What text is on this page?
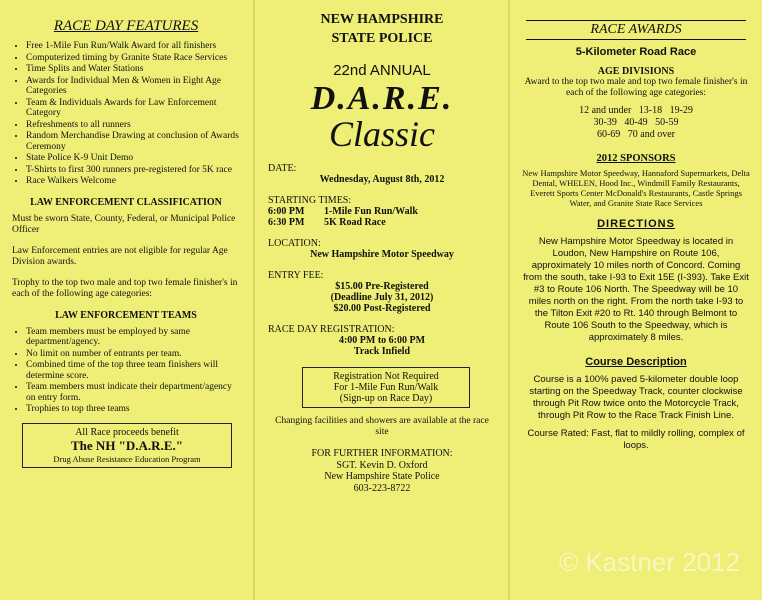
RACE DAY FEATURES
• Free 1-Mile Fun Run/Walk Award for all finishers
• Computerized timing by Granite State Race Services
• Time Splits and Water Stations
• Awards for Individual Men & Women in Eight Age Categories
• Team & Individuals Awards for Law Enforcement Category
• Refreshments to all runners
• Random Merchandise Drawing at conclusion of Awards Ceremony
• State Police K-9 Unit Demo
• T-Shirts to first 300 runners pre-registered for 5K race
• Race Walkers Welcome
LAW ENFORCEMENT CLASSIFICATION

Must be sworn State, County, Federal, or Municipal Police Officer

Law Enforcement entries are not eligible for regular Age Division awards.

Trophy to the top two male and top two female finisher's in each of the following age categories:

LAW ENFORCEMENT TEAMS
• Team members must be employed by same department/agency.
• No limit on number of entrants per team.
• Combined time of the top three team finishers will determine score.
• Team members must indicate their department/agency on entry form.
• Trophies to top three teams
All Race proceeds benefit
The NH "D.A.R.E."
Drug Abuse Resistance Education Program
NEW HAMPSHIRE
STATE POLICE
22nd ANNUAL
D.A.R.E.
Classic
DATE:
Wednesday, August 8th, 2012
STARTING TIMES:
6:00 PM	1-Mile Fun Run/Walk
6:30 PM	5K Road Race
LOCATION:
New Hampshire Motor Speedway
ENTRY FEE:
$15.00 Pre-Registered
(Deadline July 31, 2012)
$20.00 Post-Registered
RACE DAY REGISTRATION:
4:00 PM to 6:00 PM
Track Infield
Registration Not Required
For 1-Mile Fun Run/Walk
(Sign-up on Race Day)
Changing facilities and showers are available at the race site
FOR FURTHER INFORMATION:
SGT. Kevin D. Oxford
New Hampshire State Police
603-223-8722
RACE AWARDS
5-Kilometer Road Race
AGE DIVISIONS
Award to the top two male and top two female finisher's in each of the following age categories:
12 and under   13-18   19-29
30-39   40-49   50-59
60-69   70 and over
2012 SPONSORS
New Hampshire Motor Speedway, Hannaford Supermarkets, Delta Dental, WHELEN, Hood Inc., Windmill Family Restaurants, Everett Sports Center McDonald's Restaurants, Castle Springs Water, and Granite State Race Services
DIRECTIONS
New Hampshire Motor Speedway is located in Loudon, New Hampshire on Route 106, approximately 10 miles north of Concord. Coming from the south, take I-93 to Exit 15E (I-393). Take Exit #3 to Route 106 North. The Speedway will be 10 miles north on the right. From the north take I-93 to the Tilton Exit #20 to Rt. 140 through Belmont to Route 106 South to the Speedway, which is approximately 8 miles.
Course Description
Course is a 100% paved 5-kilometer double loop starting on the Speedway Track, counter clockwise through Pit Row twice onto the Motorcycle Track, through Pit Row to the Race Track Finish Line.
Course Rated: Fast, flat to mildly rolling, complex of loops.
© Kastner 2012
